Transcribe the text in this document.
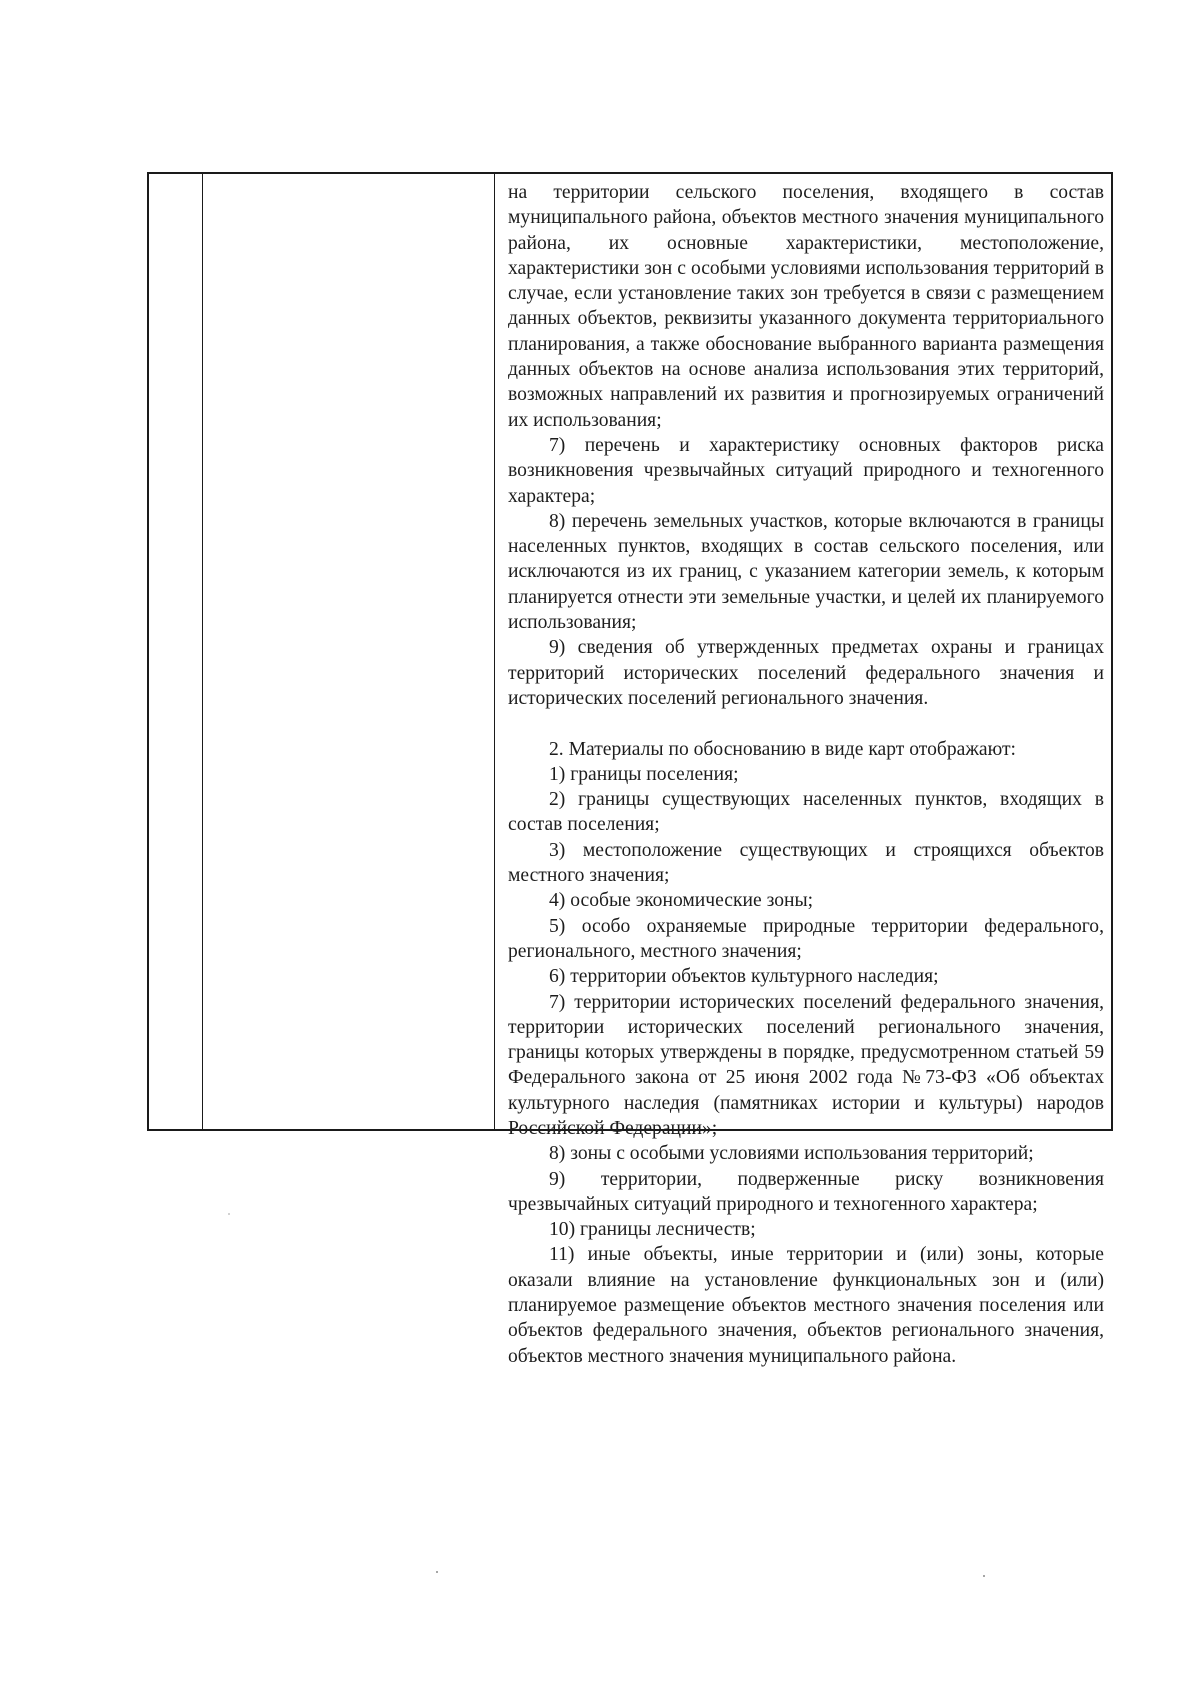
на территории сельского поселения, входящего в состав муниципального района, объектов местного значения муниципального района, их основные характеристики, местоположение, характеристики зон с особыми условиями использования территорий в случае, если установление таких зон требуется в связи с размещением данных объектов, реквизиты указанного документа территориального планирования, а также обоснование выбранного варианта размещения данных объектов на основе анализа использования этих территорий, возможных направлений их развития и прогнозируемых ограничений их использования;

7) перечень и характеристику основных факторов риска возникновения чрезвычайных ситуаций природного и техногенного характера;

8) перечень земельных участков, которые включаются в границы населенных пунктов, входящих в состав сельского поселения, или исключаются из их границ, с указанием категории земель, к которым планируется отнести эти земельные участки, и целей их планируемого использования;

9) сведения об утвержденных предметах охраны и границах территорий исторических поселений федерального значения и исторических поселений регионального значения.

2. Материалы по обоснованию в виде карт отображают:

1) границы поселения;

2) границы существующих населенных пунктов, входящих в состав поселения;

3) местоположение существующих и строящихся объектов местного значения;

4) особые экономические зоны;

5) особо охраняемые природные территории федерального, регионального, местного значения;

6) территории объектов культурного наследия;

7) территории исторических поселений федерального значения, территории исторических поселений регионального значения, границы которых утверждены в порядке, предусмотренном статьей 59 Федерального закона от 25 июня 2002 года №73-ФЗ «Об объектах культурного наследия (памятниках истории и культуры) народов Российской Федерации»;

8) зоны с особыми условиями использования территорий;

9) территории, подверженные риску возникновения чрезвычайных ситуаций природного и техногенного характера;

10) границы лесничеств;

11) иные объекты, иные территории и (или) зоны, которые оказали влияние на установление функциональных зон и (или) планируемое размещение объектов местного значения поселения или объектов федерального значения, объектов регионального значения, объектов местного значения муниципального района.
